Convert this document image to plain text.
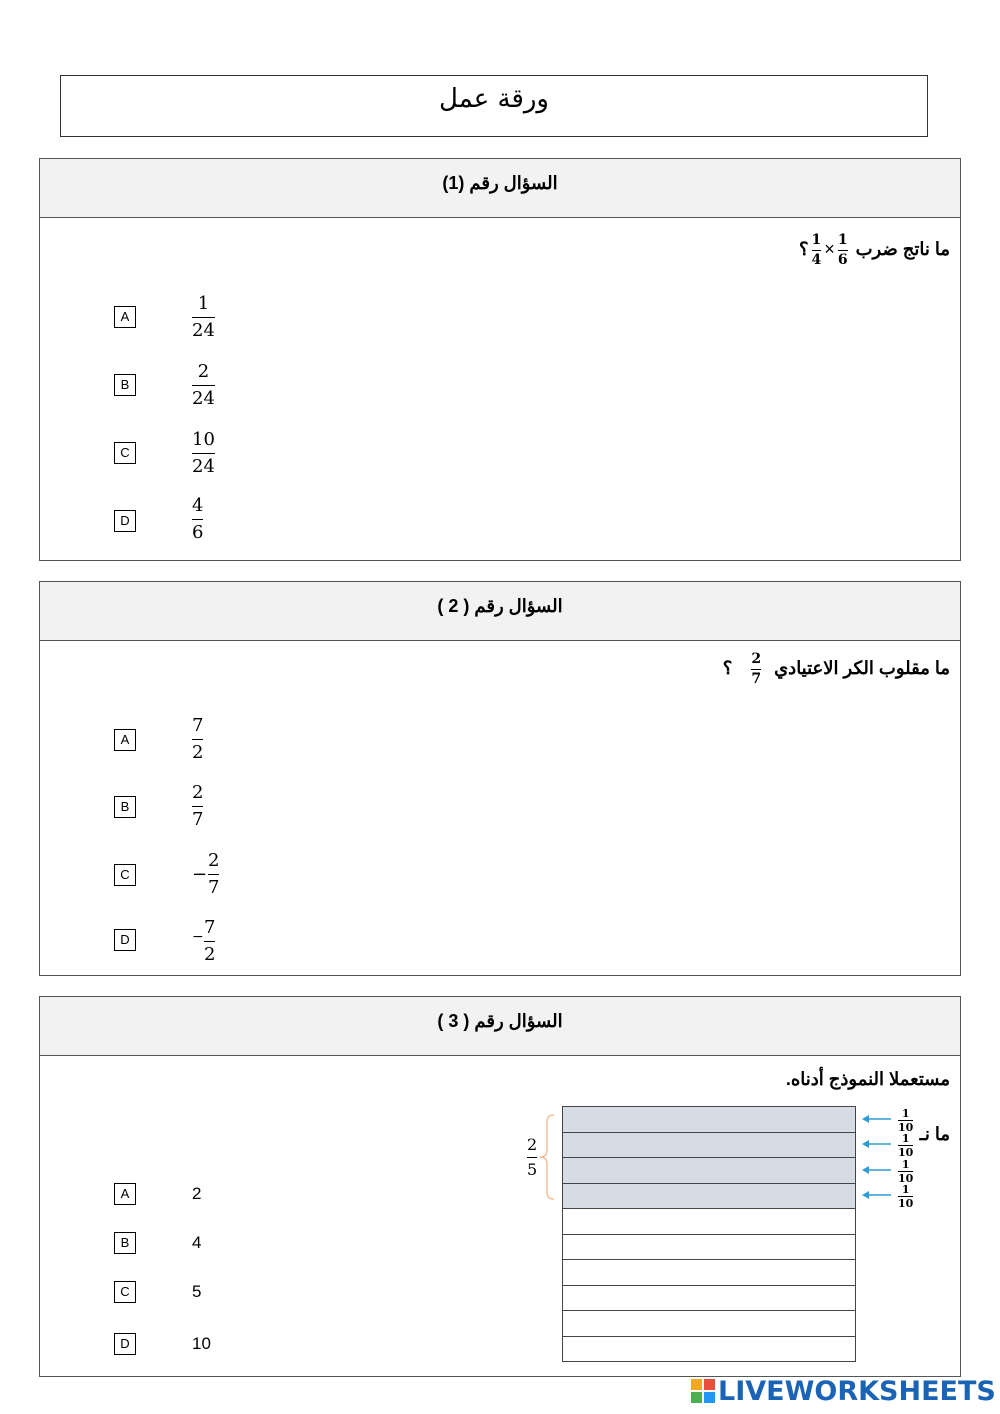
ورقة عمل
السؤال رقم (1)
ما ناتج ضرب
$\frac{1}{6}$
×
$\frac{1}{4}$
؟
A
1
24
B
2
24
C
10
24
D
4
6
السؤال رقم ( 2 )
ما مقلوب الكر الاعتيادي
$\frac{2}{7}$
؟
A
7
2
B
2
7
C	−
2
7
D	− 7
2
السؤال رقم ( 3 )
مستعملا النموذج أدناه.
ما نـ
A	2
B	4
C	5
D	10
1
10
1
10
1
10
1
10
2
5
LIVEWORKSHEETS
